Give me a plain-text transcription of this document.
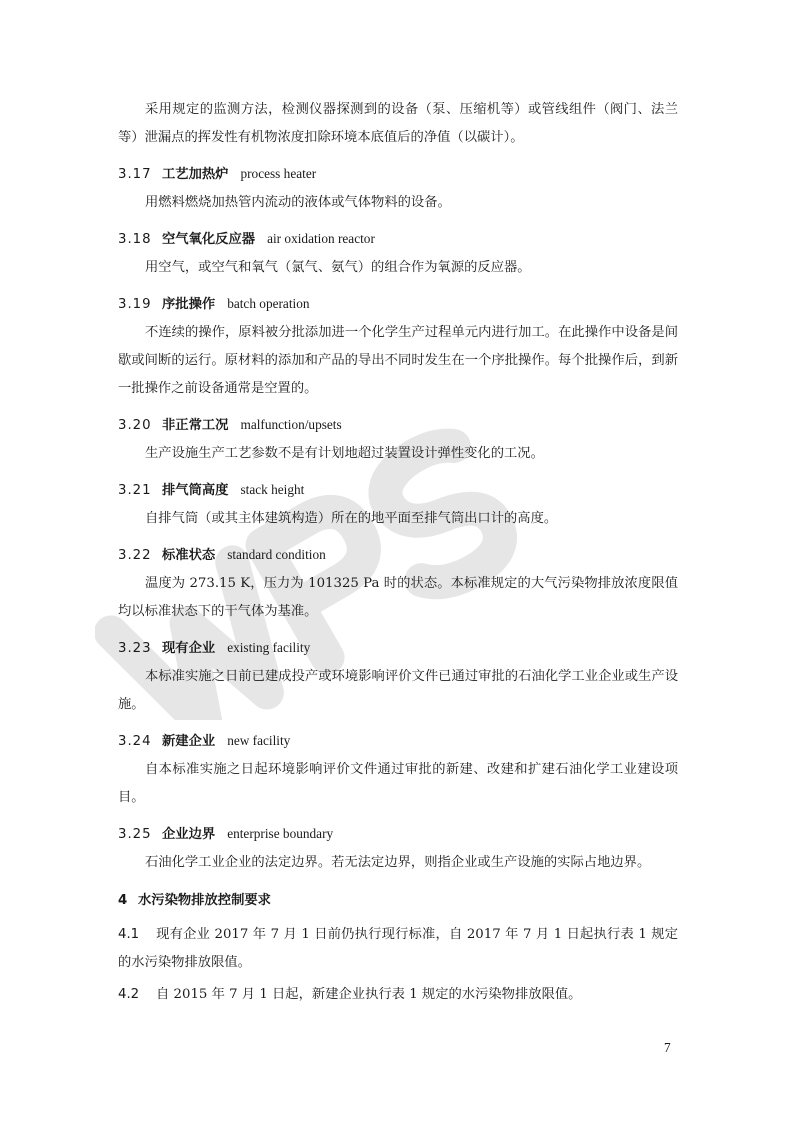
采用规定的监测方法，检测仪器探测到的设备（泵、压缩机等）或管线组件（阀门、法兰等）泄漏点的挥发性有机物浓度扣除环境本底值后的净值（以碳计）。

3.17 工艺加热炉 process heater

用燃料燃烧加热管内流动的液体或气体物料的设备。

3.18 空气氧化反应器 air oxidation reactor

用空气，或空气和氧气（氯气、氨气）的组合作为氧源的反应器。

3.19 序批操作 batch operation

不连续的操作，原料被分批添加进一个化学生产过程单元内进行加工。在此操作中设备是间歇或间断的运行。原材料的添加和产品的导出不同时发生在一个序批操作。每个批操作后，到新一批操作之前设备通常是空置的。

3.20 非正常工况 malfunction/upsets

生产设施生产工艺参数不是有计划地超过装置设计弹性变化的工况。

3.21 排气筒高度 stack height

自排气筒（或其主体建筑构造）所在的地平面至排气筒出口计的高度。

3.22 标准状态 standard condition

温度为 273.15 K，压力为 101325 Pa 时的状态。本标准规定的大气污染物排放浓度限值均以标准状态下的干气体为基准。

3.23 现有企业 existing facility

本标准实施之日前已建成投产或环境影响评价文件已通过审批的石油化学工业企业或生产设施。

3.24 新建企业 new facility

自本标准实施之日起环境影响评价文件通过审批的新建、改建和扩建石油化学工业建设项目。

3.25 企业边界 enterprise boundary

石油化学工业企业的法定边界。若无法定边界，则指企业或生产设施的实际占地边界。

4 水污染物排放控制要求

4.1 现有企业 2017 年 7 月 1 日前仍执行现行标准，自 2017 年 7 月 1 日起执行表 1 规定的水污染物排放限值。

4.2 自 2015 年 7 月 1 日起，新建企业执行表 1 规定的水污染物排放限值。

7
